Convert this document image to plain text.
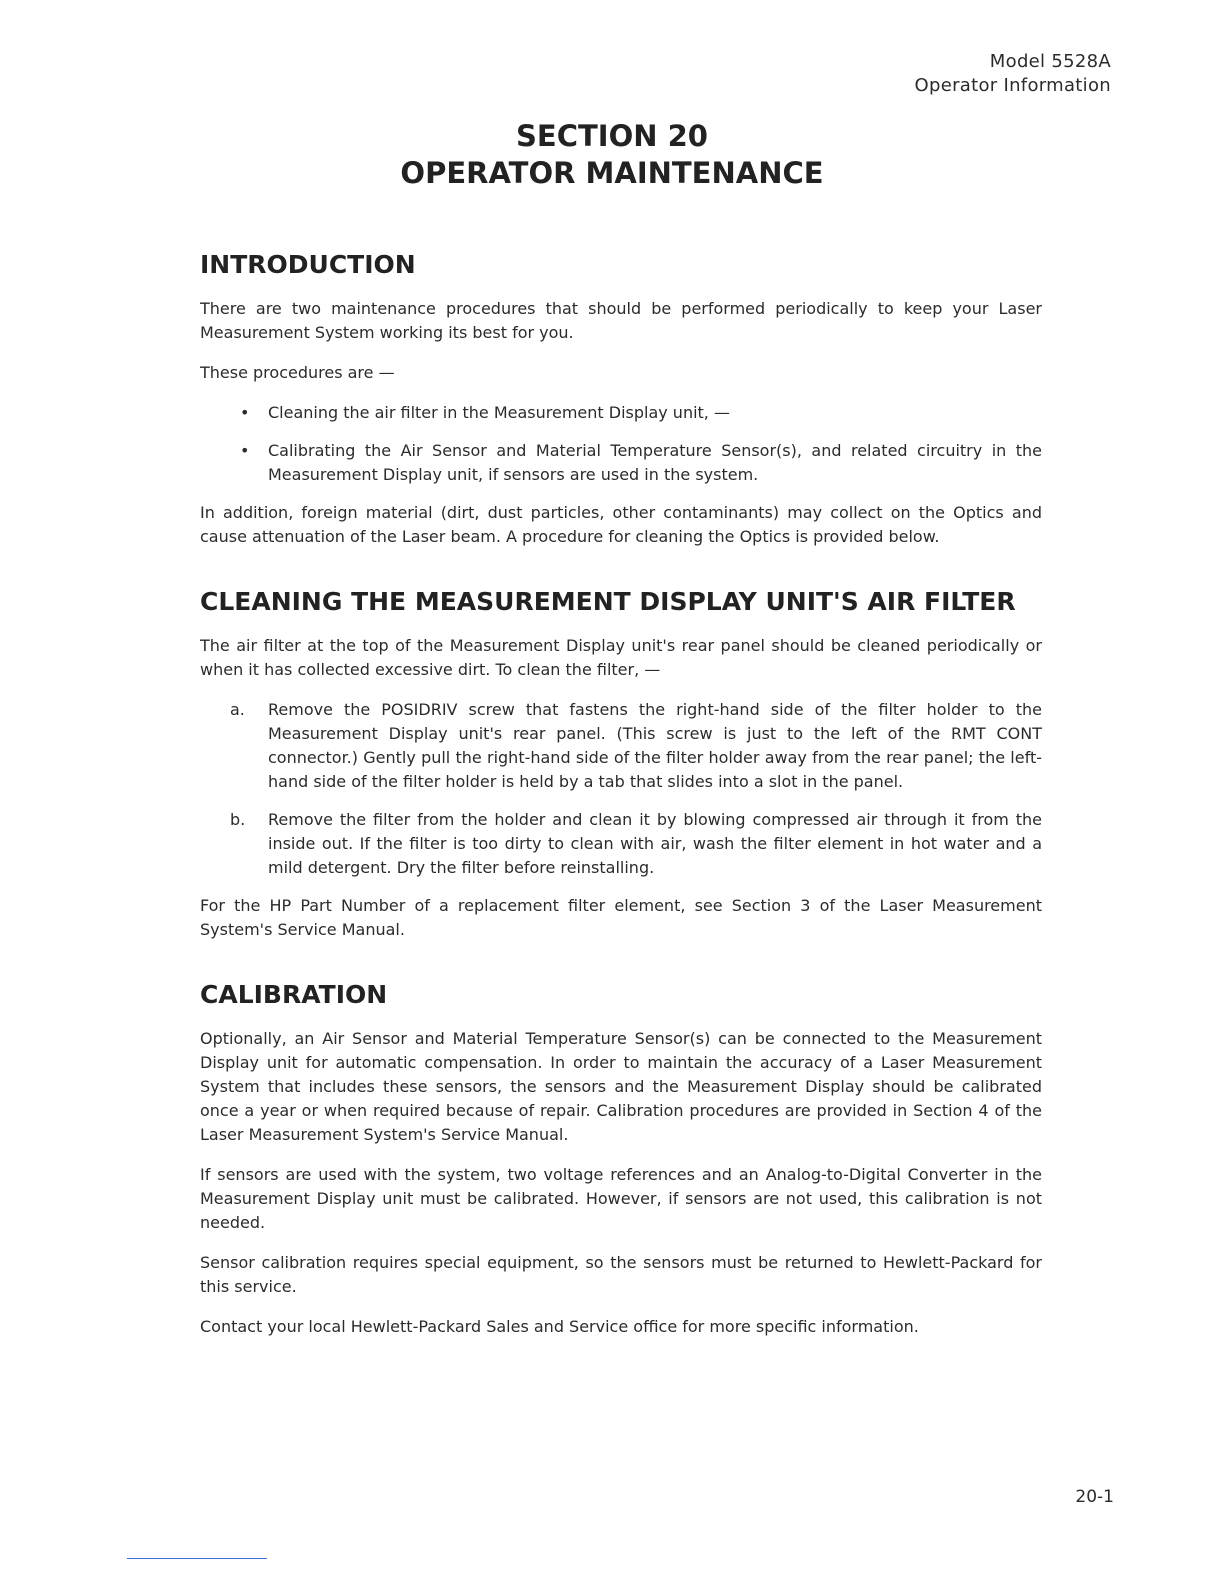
Model 5528A
Operator Information
SECTION 20
OPERATOR MAINTENANCE
INTRODUCTION

There are two maintenance procedures that should be performed periodically to keep your Laser Measurement System working its best for you.

These procedures are —

•	Cleaning the air filter in the Measurement Display unit, —
•	Calibrating the Air Sensor and Material Temperature Sensor(s), and related circuitry in the Measurement Display unit, if sensors are used in the system.

In addition, foreign material (dirt, dust particles, other contaminants) may collect on the Optics and cause attenuation of the Laser beam. A procedure for cleaning the Optics is provided below.

CLEANING THE MEASUREMENT DISPLAY UNIT'S AIR FILTER

The air filter at the top of the Measurement Display unit's rear panel should be cleaned periodically or when it has collected excessive dirt. To clean the filter, —

a.	Remove the POSIDRIV screw that fastens the right-hand side of the filter holder to the Measurement Display unit's rear panel. (This screw is just to the left of the RMT CONT connector.) Gently pull the right-hand side of the filter holder away from the rear panel; the left-hand side of the filter holder is held by a tab that slides into a slot in the panel.
b.	Remove the filter from the holder and clean it by blowing compressed air through it from the inside out. If the filter is too dirty to clean with air, wash the filter element in hot water and a mild detergent. Dry the filter before reinstalling.

For the HP Part Number of a replacement filter element, see Section 3 of the Laser Measurement System's Service Manual.

CALIBRATION

Optionally, an Air Sensor and Material Temperature Sensor(s) can be connected to the Measurement Display unit for automatic compensation. In order to maintain the accuracy of a Laser Measurement System that includes these sensors, the sensors and the Measurement Display should be calibrated once a year or when required because of repair. Calibration procedures are provided in Section 4 of the Laser Measurement System's Service Manual.

If sensors are used with the system, two voltage references and an Analog-to-Digital Converter in the Measurement Display unit must be calibrated. However, if sensors are not used, this calibration is not needed.

Sensor calibration requires special equipment, so the sensors must be returned to Hewlett-Packard for this service.

Contact your local Hewlett-Packard Sales and Service office for more specific information.

20-1
